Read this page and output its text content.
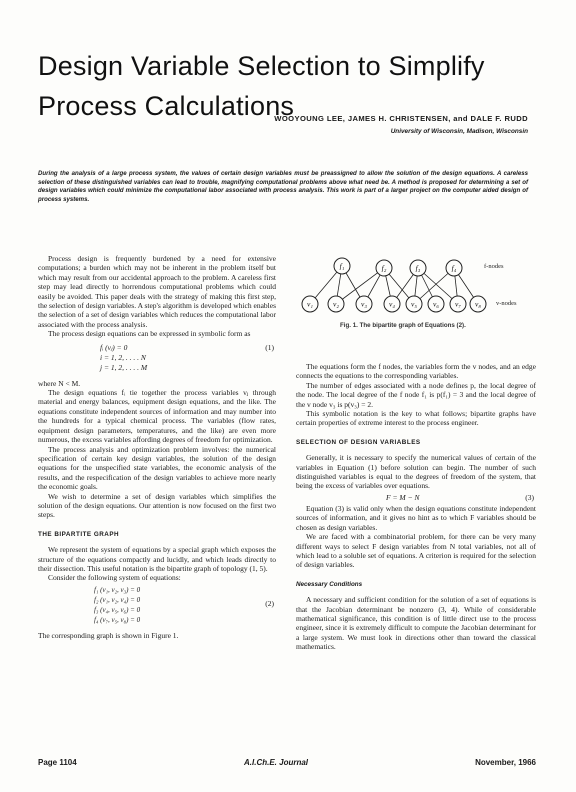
Design Variable Selection to Simplify Process Calculations
WOOYOUNG LEE, JAMES H. CHRISTENSEN, and DALE F. RUDD
University of Wisconsin, Madison, Wisconsin
During the analysis of a large process system, the values of certain design variables must be preassigned to allow the solution of the design equations. A careless selection of these distinguished variables can lead to trouble, magnifying computational problems above what need be. A method is proposed for determining a set of design variables which could minimize the computational labor associated with process analysis. This work is part of a larger project on the computer aided design of process systems.

Process design is frequently burdened by a need for extensive computations; a burden which may not be inherent in the problem itself but which may result from our accidental approach to the problem. A careless first step may lead directly to horrendous computational problems which could easily be avoided. This paper deals with the strategy of making this first step, the selection of design variables. A step's algorithm is developed which enables the selection of a set of design variables which reduces the computational labor associated with the process analysis.

The process design equations can be expressed in symbolic form as

fᵢ (vⱼ) = 0	(1)
i = 1, 2, . . . . N
j = 1, 2, . . . . M
where N < M.

The design equations fᵢ tie together the process variables vⱼ through material and energy balances, equipment design equations, and the like. The equations constitute independent sources of information and may number into the hundreds for a typical chemical process. The variables (flow rates, equipment design parameters, temperatures, and the like) are even more numerous, the excess variables affording degrees of freedom for optimization.

The process analysis and optimization problem involves: the numerical specification of certain key design variables, the solution of the design equations for the unspecified state variables, the economic analysis of the results, and the respecification of the design variables to achieve more nearly the economic goals.

We wish to determine a set of design variables which simplifies the solution of the design equations. Our attention is now focused on the first two steps.

THE BIPARTITE GRAPH

We represent the system of equations by a special graph which exposes the structure of the equations compactly and lucidly, and which leads directly to their dissection. This useful notation is the bipartite graph of topology (1, 5).

Consider the following system of equations:

f₁ (v₁, v₂, v₃) = 0
f₂ (v₁, v₂, v₄) = 0	(2)
f₃ (v₄, v₅, v₆) = 0
f₄ (v₇, v₅, v₈) = 0
The corresponding graph is shown in Figure 1.
f₁	f₂	f₃	f₄
v₁	v₂	v₃	v₄ v₅ v₆ v₇ v₈
f-nodes
v-nodes
Fig. 1. The bipartite graph of Equations (2).

The equations form the f nodes, the variables form the v nodes, and an edge connects the equations to the corresponding variables.

The number of edges associated with a node defines p, the local degree of the node. The local degree of the f node f₁ is p(f₁) = 3 and the local degree of the v node v₃ is p(v₃) = 2.

This symbolic notation is the key to what follows; bipartite graphs have certain properties of extreme interest to the process engineer.

SELECTION OF DESIGN VARIABLES

Generally, it is necessary to specify the numerical values of certain of the variables in Equation (1) before solution can begin. The number of such distinguished variables is equal to the degrees of freedom of the system, that being the excess of variables over equations.

F = M − N	(3)

Equation (3) is valid only when the design equations constitute independent sources of information, and it gives no hint as to which F variables should be chosen as design variables.

We are faced with a combinatorial problem, for there can be very many different ways to select F design variables from N total variables, not all of which lead to a soluble set of equations. A criterion is required for the selection of design variables.

Necessary Conditions

A necessary and sufficient condition for the solution of a set of equations is that the Jacobian determinant be nonzero (3, 4). While of considerable mathematical significance, this condition is of little direct use to the process engineer, since it is extremely difficult to compute the Jacobian determinant for a large system. We must look in directions other than toward the classical mathematics.

Page 1104	A.I.Ch.E. Journal	November, 1966
